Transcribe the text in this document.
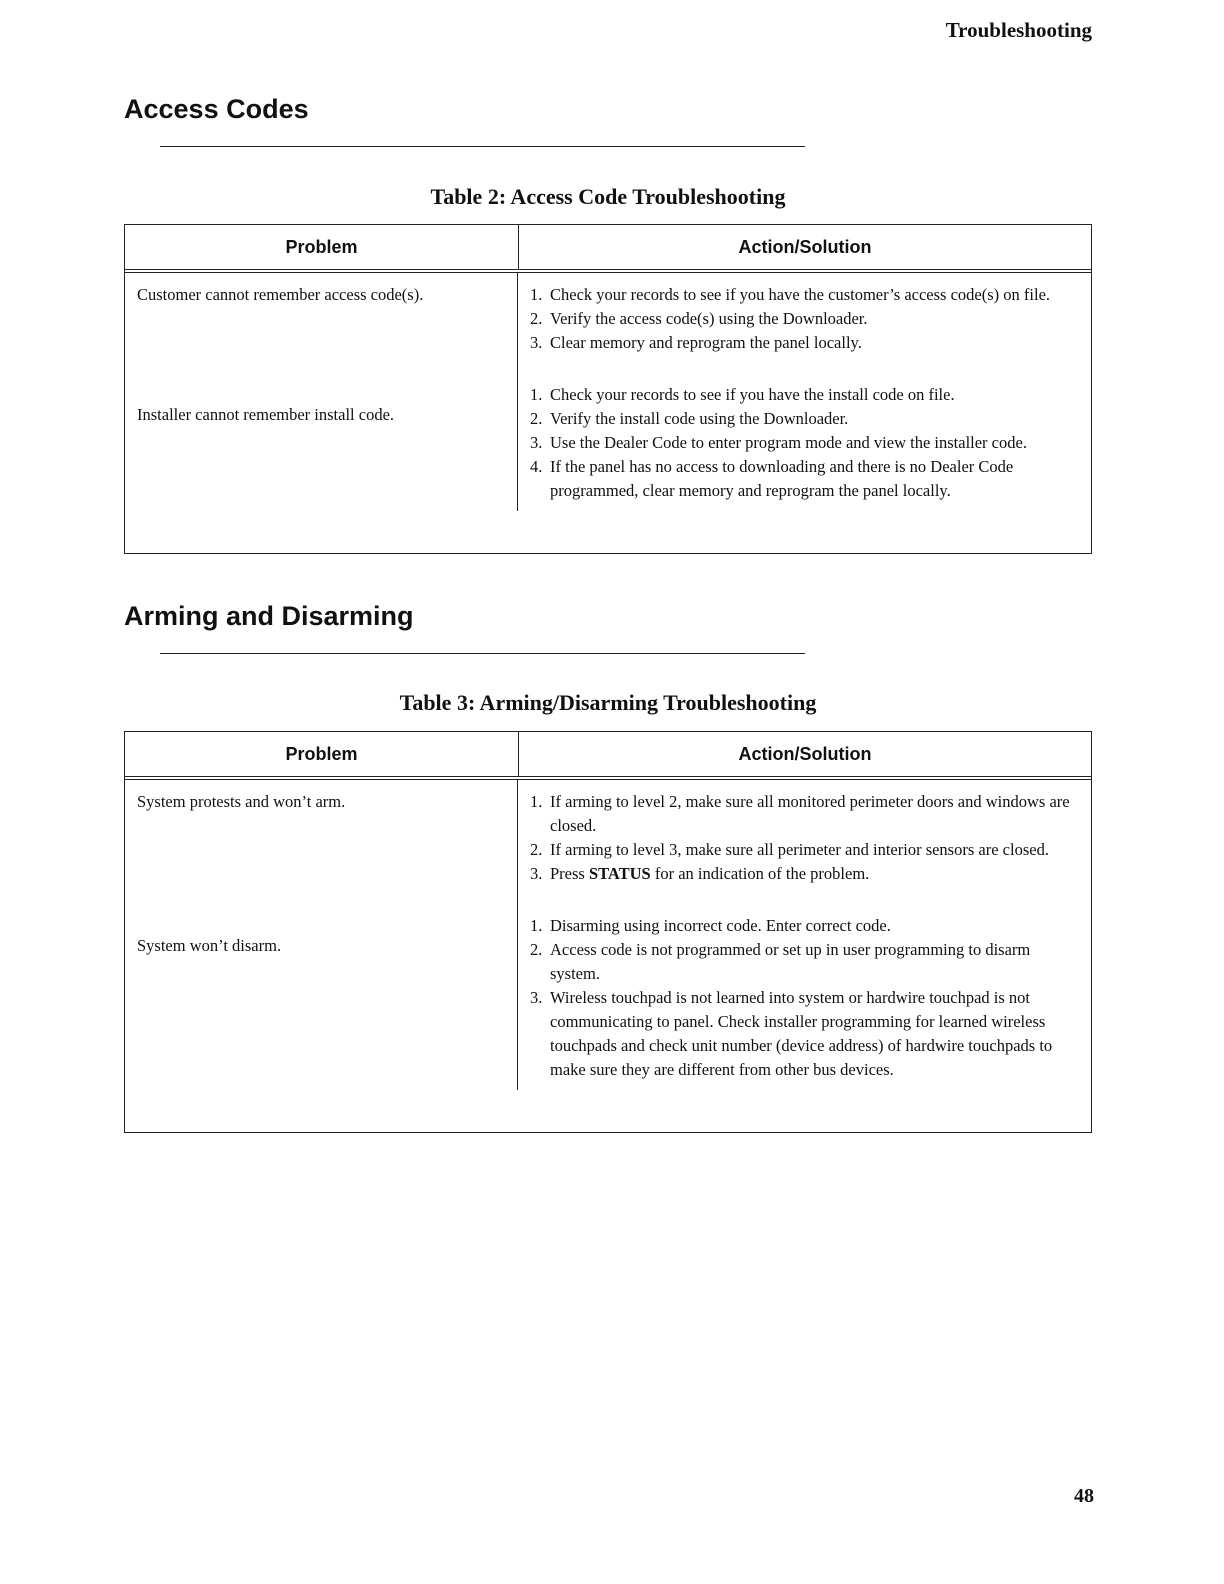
Troubleshooting
Access Codes
Table 2: Access Code Troubleshooting
Problem	Action/Solution

Customer cannot remember access code(s).

Installer cannot remember install code.

1. Check your records to see if you have the customer’s access code(s) on file.
2. Verify the access code(s) using the Downloader.
3. Clear memory and reprogram the panel locally.
1. Check your records to see if you have the install code on file.
2. Verify the install code using the Downloader.
3. Use the Dealer Code to enter program mode and view the installer code.
4. If the panel has no access to downloading and there is no Dealer Code programmed, clear memory and reprogram the panel locally.
Arming and Disarming
Table 3: Arming/Disarming Troubleshooting
Problem	Action/Solution

System protests and won’t arm.

System won’t disarm.

1. If arming to level 2, make sure all monitored perimeter doors and windows are closed.
2. If arming to level 3, make sure all perimeter and interior sensors are closed.
3. Press STATUS for an indication of the problem.
1. Disarming using incorrect code. Enter correct code.
2. Access code is not programmed or set up in user programming to disarm system.
3. Wireless touchpad is not learned into system or hardwire touchpad is not communicating to panel. Check installer programming for learned wireless touchpads and check unit number (device address) of hardwire touchpads to make sure they are different from other bus devices.
48
